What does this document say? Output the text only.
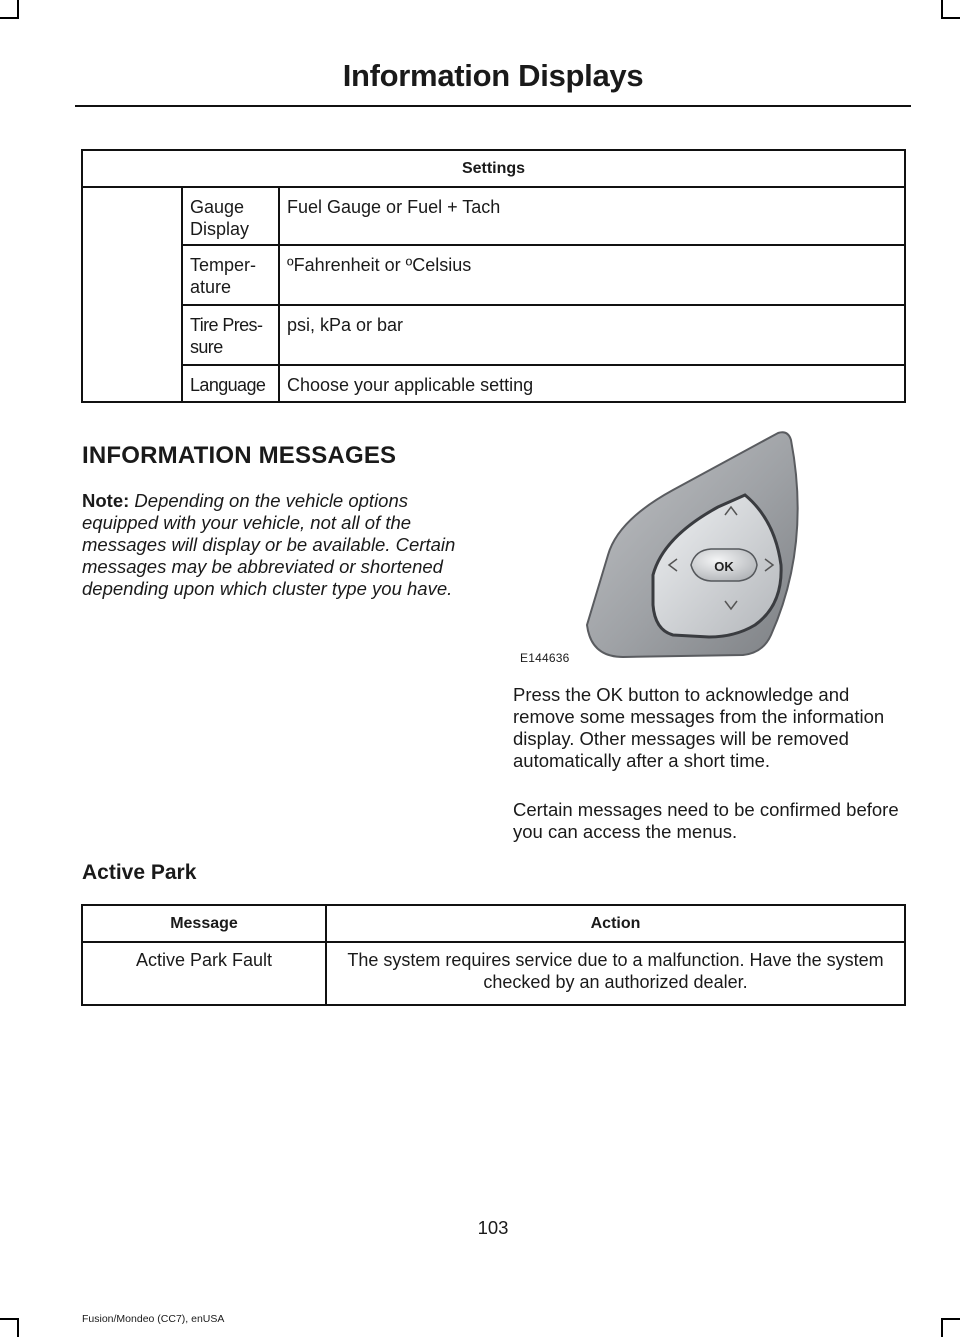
Information Displays
Settings		
	Gauge Display	Fuel Gauge or Fuel + Tach
	Temper-ature	ºFahrenheit or ºCelsius
	Tire Pres-sure	psi, kPa or bar
	Language	Choose your applicable setting
INFORMATION MESSAGES
Note: Depending on the vehicle options equipped with your vehicle, not all of the messages will display or be available. Certain messages may be abbreviated or shortened depending upon which cluster type you have.
OK
E144636
Press the OK button to acknowledge and remove some messages from the information display. Other messages will be removed automatically after a short time.
Certain messages need to be confirmed before you can access the menus.
Active Park
Message	Action
Active Park Fault	The system requires service due to a malfunction. Have the system checked by an authorized dealer.
103
Fusion/Mondeo (CC7), enUSA
